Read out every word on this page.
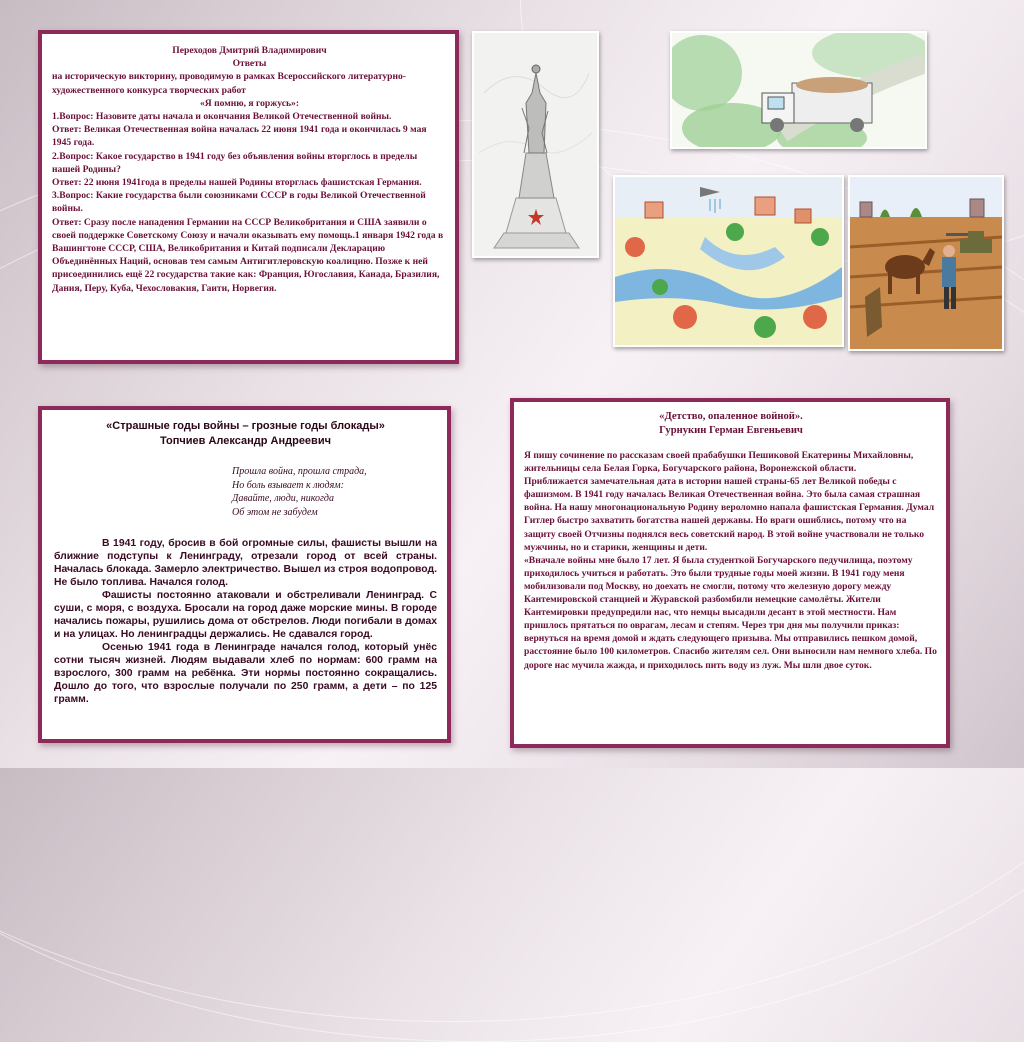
Переходов Дмитрий Владимирович

Ответы

на историческую викторину, проводимую в рамках Всероссийского литературно-художественного конкурса творческих работ

«Я помню, я горжусь»:

1.Вопрос: Назовите даты начала и окончания Великой Отечественной войны.

Ответ: Великая Отечественная война началась 22 июня 1941 года и окончилась 9 мая 1945 года.

2.Вопрос: Какое государство в 1941 году без объявления войны вторглось в пределы нашей Родины?

Ответ: 22 июня 1941года в пределы нашей Родины вторглась фашистская Германия.

3.Вопрос: Какие государства были союзниками СССР в годы Великой Отечественной войны.

Ответ: Сразу после нападения Германии на СССР Великобритания и США заявили о своей поддержке Советскому Союзу и начали оказывать ему помощь.1 января 1942 года в Вашингтоне СССР, США, Великобритания и Китай подписали Декларацию Объединённых Наций, основав тем самым Антигитлеровскую коалицию. Позже к ней присоединились ещё 22 государства такие как: Франция, Югославия, Канада, Бразилия, Дания, Перу, Куба, Чехословакия, Гаити, Норвегия.

«Страшные годы войны – грозные годы блокады»
Топчиев Александр Андреевич
Прошла война, прошла страда,
Но боль взывает к людям:
Давайте, люди, никогда
Об этом не забудем

В 1941 году, бросив в бой огромные силы, фашисты вышли на ближние подступы к Ленинграду, отрезали город от всей страны. Началась блокада. Замерло электричество. Вышел из строя водопровод. Не было топлива. Начался голод.

Фашисты постоянно атаковали и обстреливали Ленинград. С суши, с моря, с воздуха. Бросали на город даже морские мины. В городе начались пожары, рушились дома от обстрелов. Люди погибали в домах и на улицах. Но ленинградцы держались. Не сдавался город.

Осенью 1941 года в Ленинграде начался голод, который унёс сотни тысяч жизней. Людям выдавали хлеб по нормам: 600 грамм на взрослого, 300 грамм на ребёнка. Эти нормы постоянно сокращались. Дошло до того, что взрослые получали по 250 грамм, а дети – по 125 грамм.

«Детство, опаленное войной».
Гурнукин Герман Евгеньевич

Я пишу сочинение по рассказам своей прабабушки Пешиковой Екатерины Михайловны, жительницы села Белая Горка, Богучарского района, Воронежской области.

Приближается замечательная дата в истории нашей страны-65 лет Великой победы с фашизмом. В 1941 году началась Великая Отечественная война. Это была самая страшная война. На нашу многонациональную Родину вероломно напала фашистская Германия. Думал Гитлер быстро захватить богатства нашей державы. Но враги ошиблись, потому что на защиту своей Отчизны поднялся весь советский народ. В этой войне участвовали не только мужчины, но и старики, женщины и дети.

«Вначале войны мне было 17 лет. Я была студенткой Богучарского педучилища, поэтому приходилось учиться и работать. Это были трудные годы моей жизни. В 1941 году меня мобилизовали под Москву, но доехать не смогли, потому что железную дорогу между Кантемировской станцией и Журавской разбомбили немецкие самолёты. Жители Кантемировки предупредили нас, что немцы высадили десант в этой местности. Нам пришлось прятаться по оврагам, лесам и степям. Через три дня мы получили приказ: вернуться на время домой и ждать следующего призыва. Мы отправились пешком домой, расстояние было 100 километров. Спасибо жителям сел. Они выносили нам немного хлеба. По дороге нас мучила жажда, и приходилось пить воду из луж. Мы шли двое суток.
